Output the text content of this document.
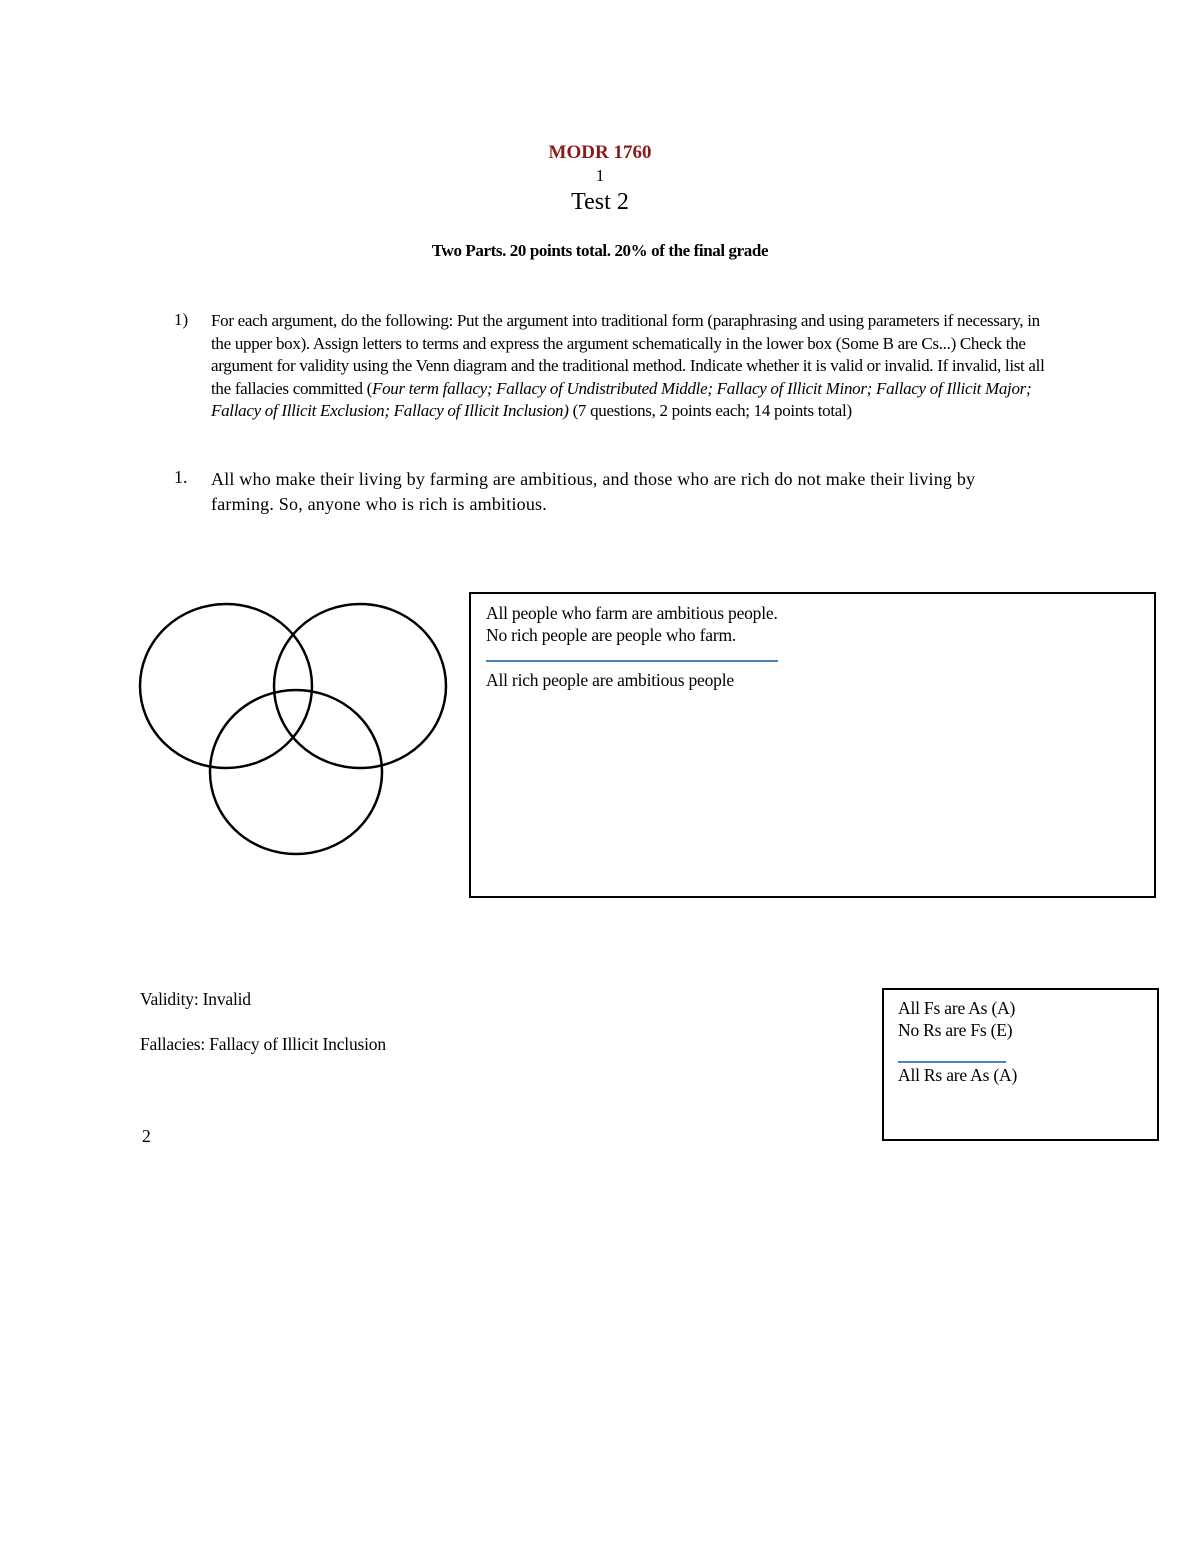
MODR 1760
1
Test 2
Two Parts. 20 points total. 20% of the final grade
1) For each argument, do the following: Put the argument into traditional form (paraphrasing and using parameters if necessary, in the upper box). Assign letters to terms and express the argument schematically in the lower box (Some B are Cs...) Check the argument for validity using the Venn diagram and the traditional method. Indicate whether it is valid or invalid. If invalid, list all the fallacies committed (Four term fallacy; Fallacy of Undistributed Middle; Fallacy of Illicit Minor; Fallacy of Illicit Major; Fallacy of Illicit Exclusion; Fallacy of Illicit Inclusion) (7 questions, 2 points each; 14 points total)
1. All who make their living by farming are ambitious, and those who are rich do not make their living by farming. So, anyone who is rich is ambitious.
All people who farm are ambitious people.
No rich people are people who farm.
All rich people are ambitious people
Validity: Invalid
Fallacies: Fallacy of Illicit Inclusion
2
All Fs are As (A)
No Rs are Fs (E)
All Rs are As (A)
